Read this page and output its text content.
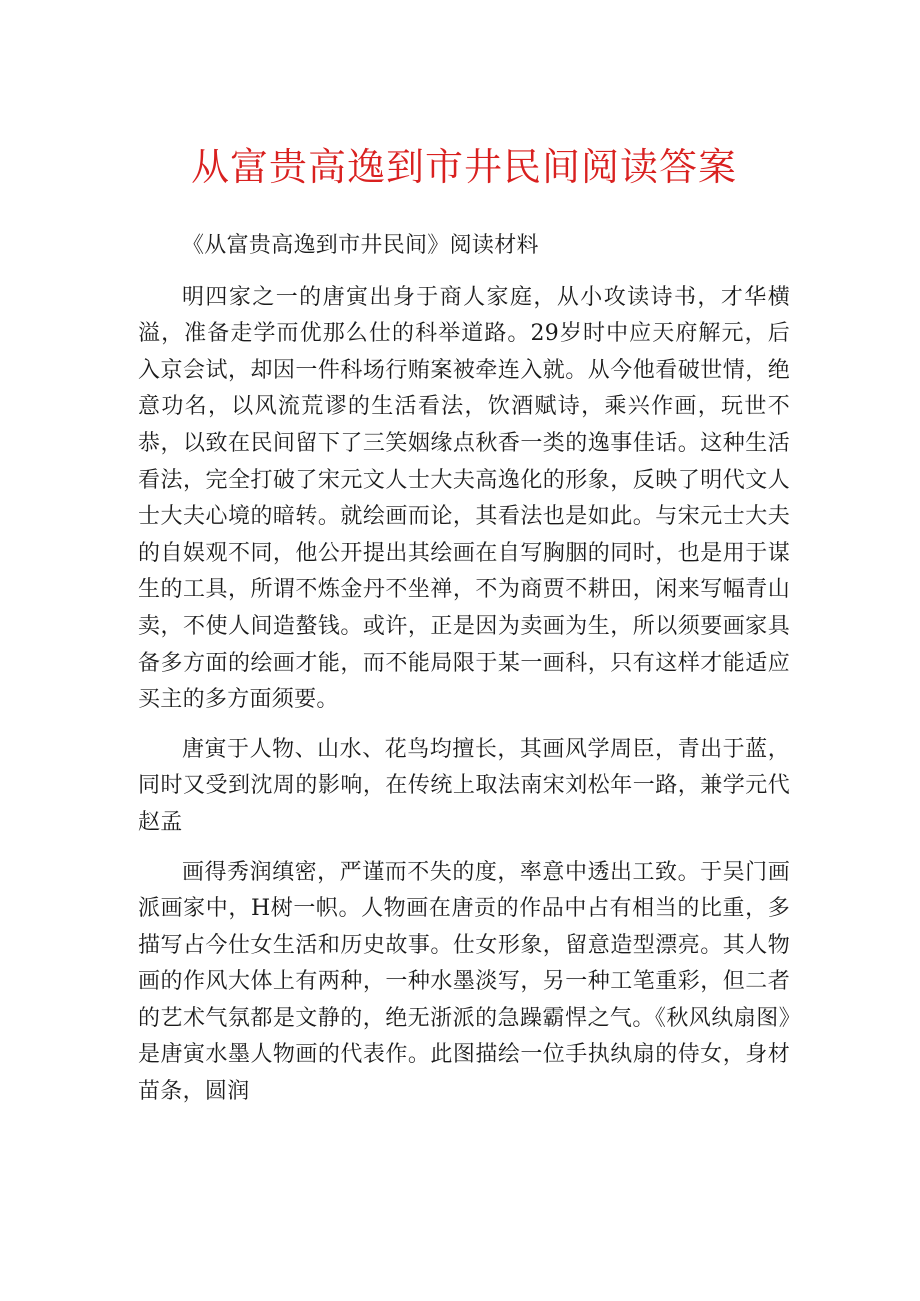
从富贵高逸到市井民间阅读答案

《从富贵高逸到市井民间》阅读材料

明四家之一的唐寅出身于商人家庭，从小攻读诗书，才华横溢，准备走学而优那么仕的科举道路。29岁时中应天府解元，后入京会试，却因一件科场行贿案被牵连入就。从今他看破世情，绝意功名，以风流荒谬的生活看法，饮酒赋诗，乘兴作画，玩世不恭，以致在民间留下了三笑姻缘点秋香一类的逸事佳话。这种生活看法，完全打破了宋元文人士大夫高逸化的形象，反映了明代文人士大夫心境的暗转。就绘画而论，其看法也是如此。与宋元士大夫的自娱观不同，他公开提出其绘画在自写胸胭的同时，也是用于谋生的工具，所谓不炼金丹不坐禅，不为商贾不耕田，闲来写幅青山卖，不使人间造螯钱。或许，正是因为卖画为生，所以须要画家具备多方面的绘画才能，而不能局限于某一画科，只有这样才能适应买主的多方面须要。

唐寅于人物、山水、花鸟均擅长，其画风学周臣，青出于蓝，同时又受到沈周的影响，在传统上取法南宋刘松年一路，兼学元代赵孟

画得秀润缜密，严谨而不失的度，率意中透出工致。于吴门画派画家中，H树一帜。人物画在唐贡的作品中占有相当的比重，多描写占今仕女生活和历史故事。仕女形象，留意造型漂亮。其人物画的作风大体上有两种，一种水墨淡写，另一种工笔重彩，但二者的艺术气氛都是文静的，绝无浙派的急躁霸悍之气。《秋风纨扇图》是唐寅水墨人物画的代表作。此图描绘一位手执纨扇的侍女，身材苗条，圆润
